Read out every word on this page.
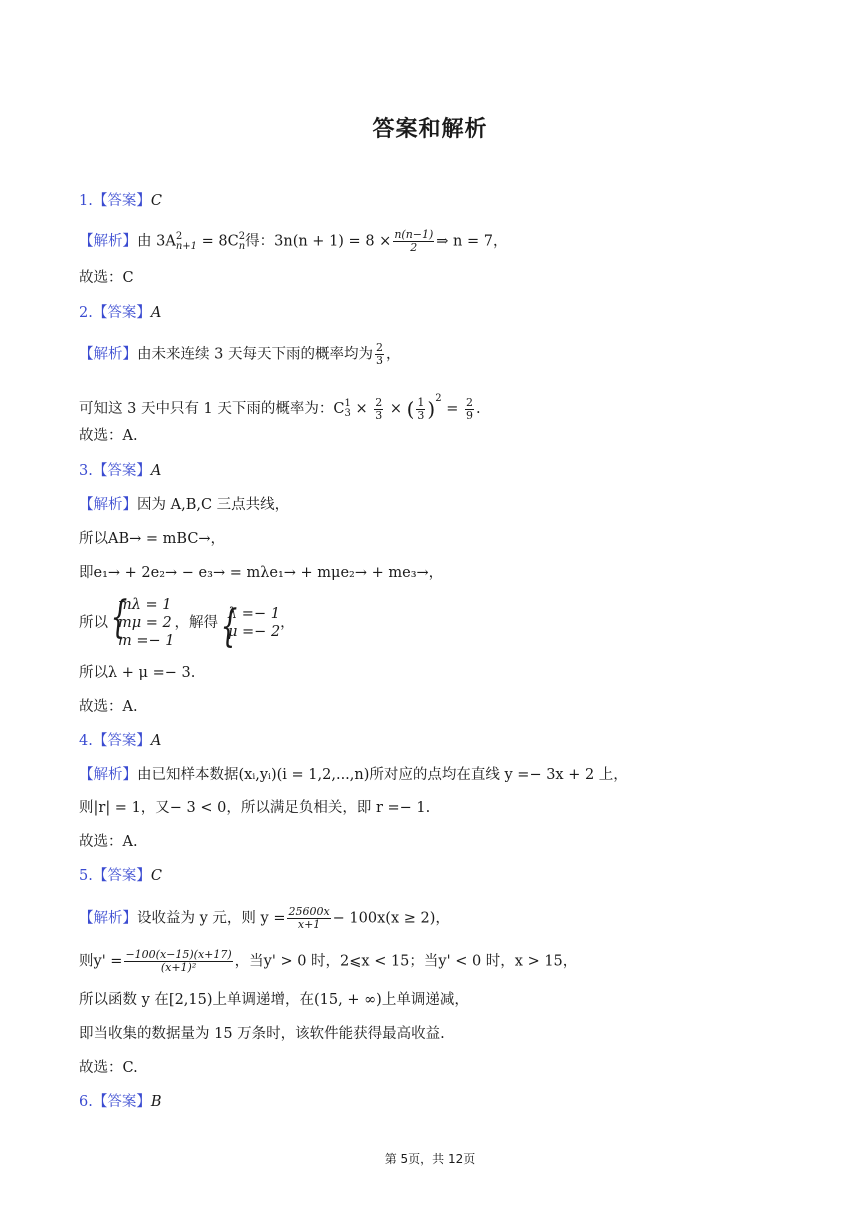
答案和解析
1.【答案】C
【解析】由 3A 2
n+1 = 8C 2
n 得：$3n(n + 1) = 8 \times \frac{n(n-1)}{2}$ ⇒ n = 7，
故选：C
2.【答案】A
【解析】由未来连续 3 天每天下雨的概率均为 $\frac{2}{3}$ ，
可知这 3 天中只有 1 天下雨的概率为：C 1
$3 \times \frac{2}{3}$ × ( $\frac{1}{3} )^2 = \frac{2}{9}$ .
故选：A.
3.【答案】A
【解析】因为 A,B,C 三点共线，
所以AB→ = mBC→，
即e₁→ + 2e₂→ − e₃→ = mλe₁→ + mμe₂→ + me₃→，
所以
{ mλ = 1
mμ = 2
m =− 1
，解得
{ λ =− 1
μ =− 2
，
所以λ + μ =− 3.
故选：A.
4.【答案】A
【解析】由已知样本数据(xᵢ,yᵢ)(i = 1,2,...,n)所对应的点均在直线 y =− 3x + 2 上，
则|r| = 1，又− 3 < 0，所以满足负相关，即 r =− 1.
故选：A.
5.【答案】C
【解析】设收益为 y 元，则 $y = \frac{25600x}{x+1} - 100x(x \ge 2)$，
则$y' = \frac{-100(x-15)(x+17)}{\text{(x+1)²}}$ ，当y' > 0 时，2⩽x < 15；当y' < 0 时，x > 15，
所以函数 y 在[2,15)上单调递增，在(15, + ∞)上单调递减，
即当收集的数据量为 15 万条时，该软件能获得最高收益.
故选：C.
6.【答案】B
第 5页，共 12页
